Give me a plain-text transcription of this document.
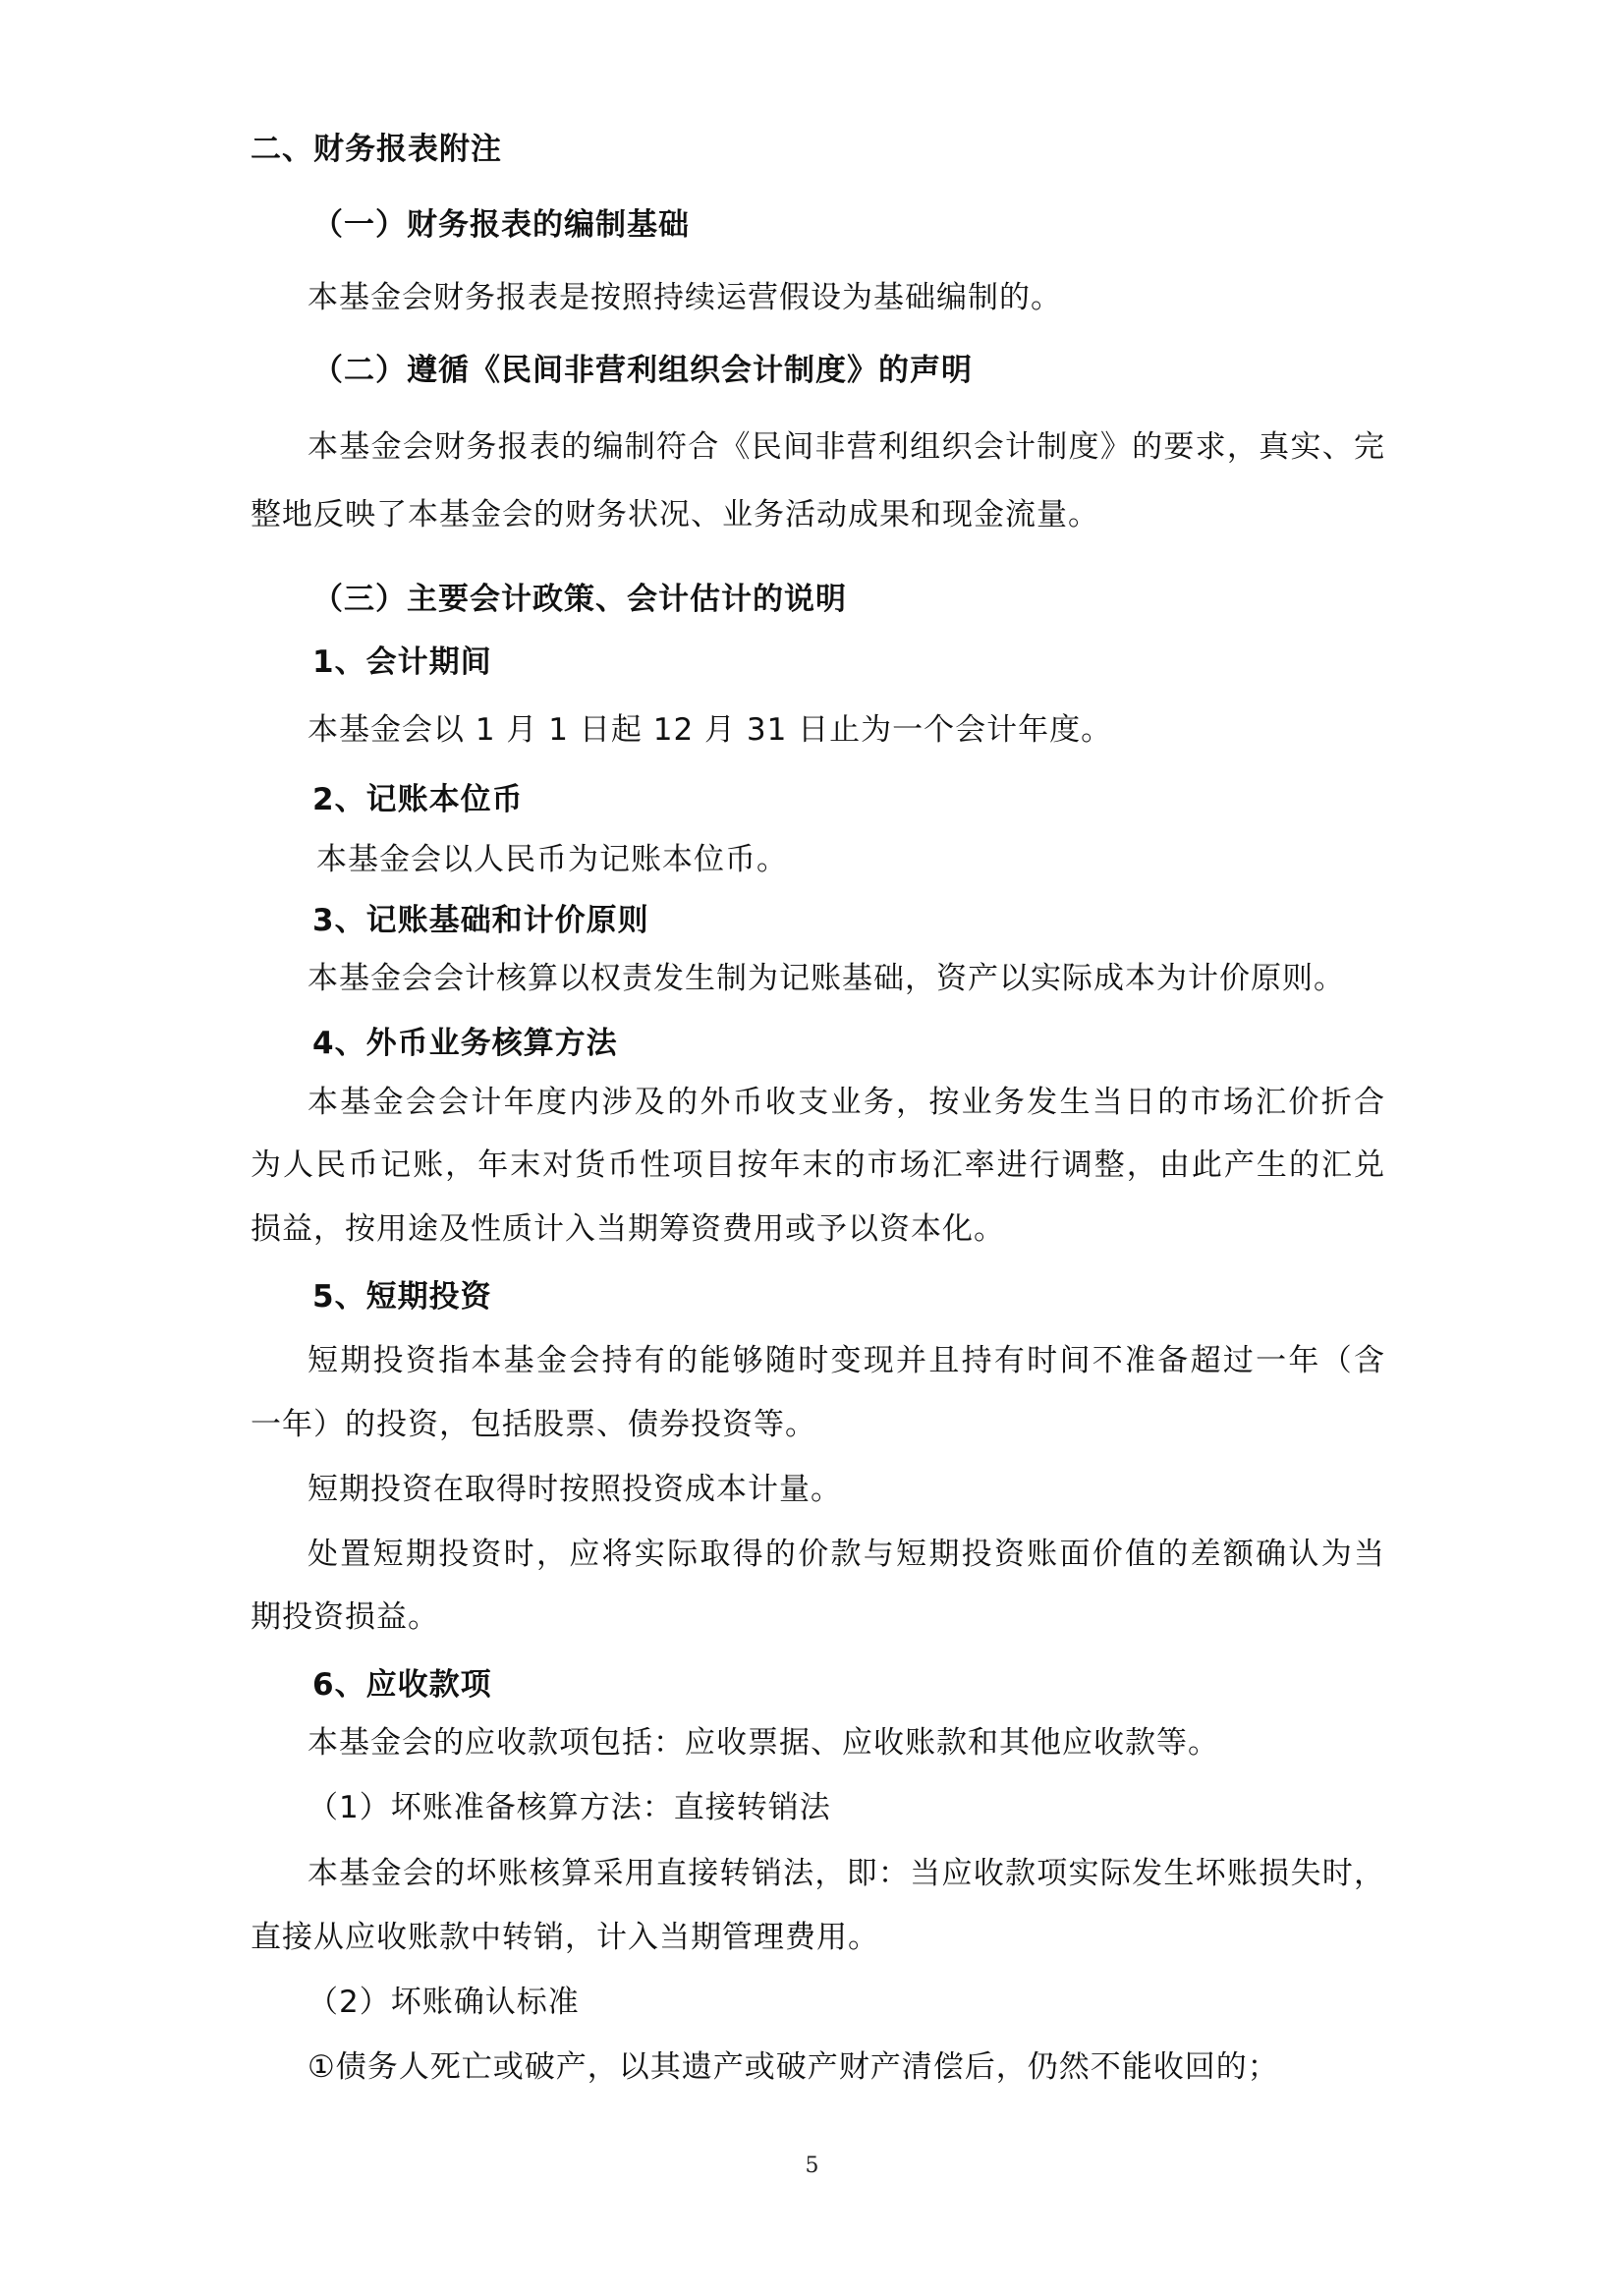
二、财务报表附注
（一）财务报表的编制基础
本基金会财务报表是按照持续运营假设为基础编制的。
（二）遵循《民间非营利组织会计制度》的声明
本基金会财务报表的编制符合《民间非营利组织会计制度》的要求，真实、完
整地反映了本基金会的财务状况、业务活动成果和现金流量。
（三）主要会计政策、会计估计的说明
1、会计期间
本基金会以 1 月 1 日起 12 月 31 日止为一个会计年度。
2、记账本位币
本基金会以人民币为记账本位币。
3、记账基础和计价原则
本基金会会计核算以权责发生制为记账基础，资产以实际成本为计价原则。
4、外币业务核算方法
本基金会会计年度内涉及的外币收支业务，按业务发生当日的市场汇价折合
为人民币记账，年末对货币性项目按年末的市场汇率进行调整，由此产生的汇兑
损益，按用途及性质计入当期筹资费用或予以资本化。
5、短期投资
短期投资指本基金会持有的能够随时变现并且持有时间不准备超过一年（含
一年）的投资，包括股票、债券投资等。
短期投资在取得时按照投资成本计量。
处置短期投资时，应将实际取得的价款与短期投资账面价值的差额确认为当
期投资损益。
6、应收款项
本基金会的应收款项包括：应收票据、应收账款和其他应收款等。
（1）坏账准备核算方法：直接转销法
本基金会的坏账核算采用直接转销法，即：当应收款项实际发生坏账损失时，
直接从应收账款中转销，计入当期管理费用。
（2）坏账确认标准
①债务人死亡或破产，以其遗产或破产财产清偿后，仍然不能收回的；
5
